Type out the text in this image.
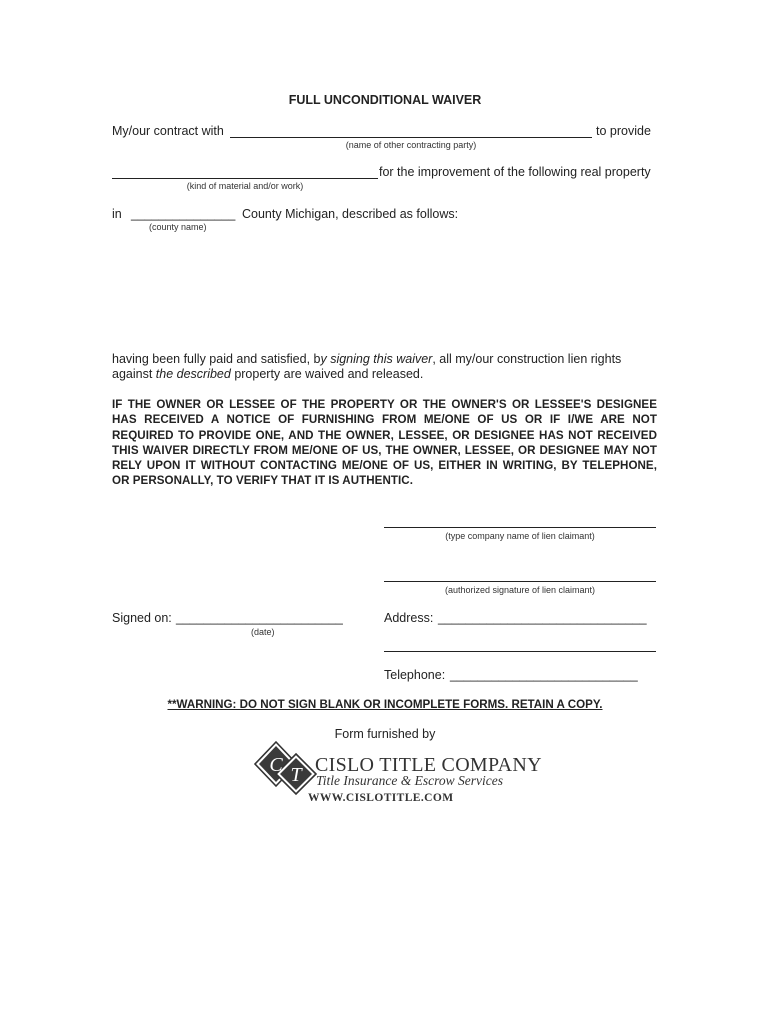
FULL UNCONDITIONAL WAIVER
My/our contract with	to provide
(name of other contracting party)
for the improvement of the following real property
(kind of material and/or work)
in _______________ County Michigan, described as follows:
(county name)
having been fully paid and satisfied, by signing this waiver, all my/our construction lien rights
against the described property are waived and released.
IF THE OWNER OR LESSEE OF THE PROPERTY OR THE OWNER'S OR LESSEE'S DESIGNEE HAS RECEIVED A NOTICE OF FURNISHING FROM ME/ONE OF US OR IF I/WE ARE NOT REQUIRED TO PROVIDE ONE, AND THE OWNER, LESSEE, OR DESIGNEE HAS NOT RECEIVED THIS WAIVER DIRECTLY FROM ME/ONE OF US, THE OWNER, LESSEE, OR DESIGNEE MAY NOT RELY UPON IT WITHOUT CONTACTING ME/ONE OF US, EITHER IN WRITING, BY TELEPHONE, OR PERSONALLY, TO VERIFY THAT IT IS AUTHENTIC.
(type company name of lien claimant)
(authorized signature of lien claimant)
Signed on: ________________________
(date)
Address: ______________________________
Telephone: ___________________________
**WARNING: DO NOT SIGN BLANK OR INCOMPLETE FORMS. RETAIN A COPY.
Form furnished by
C T CISLO TITLE COMPANY
Title Insurance & Escrow Services
WWW.CISLOTITLE.COM
